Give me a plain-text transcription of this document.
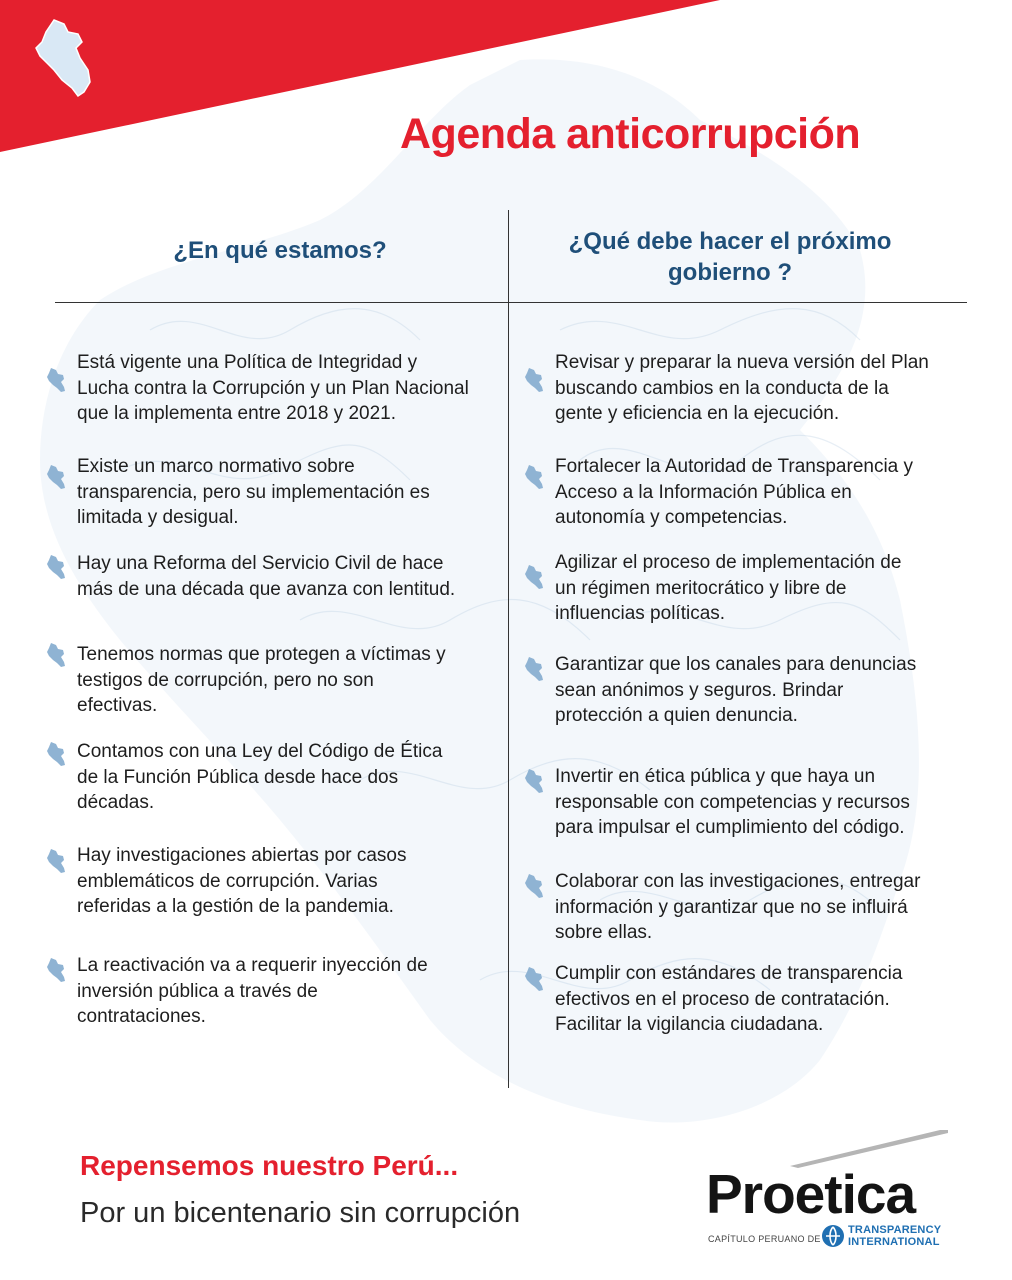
Agenda anticorrupción
¿En qué estamos?	¿Qué debe hacer el próximo
gobierno ?

Está vigente una Política de Integridad y
Lucha contra la Corrupción y un Plan Nacional
que la implementa entre 2018 y 2021.

Existe un marco normativo sobre
transparencia, pero su implementación es
limitada y desigual.

Hay una Reforma del Servicio Civil de hace
más de una década que avanza con lentitud.

Tenemos normas que protegen a víctimas y
testigos de corrupción, pero no son
efectivas.

Contamos con una Ley del Código de Ética
de la Función Pública desde hace dos
décadas.

Hay investigaciones abiertas por casos
emblemáticos de corrupción. Varias
referidas a la gestión de la pandemia.

La reactivación va a requerir inyección de
inversión pública a través de
contrataciones.

Revisar y preparar la nueva versión del Plan
buscando cambios en la conducta de la
gente y eficiencia en la ejecución.

Fortalecer la Autoridad de Transparencia y
Acceso a la Información Pública en
autonomía y competencias.

Agilizar el proceso de implementación de
un régimen meritocrático y libre de
influencias políticas.

Garantizar que los canales para denuncias
sean anónimos y seguros. Brindar
protección a quien denuncia.

Invertir en ética pública y que haya un
responsable con competencias y recursos
para impulsar el cumplimiento del código.

Colaborar con las investigaciones, entregar
información y garantizar que no se influirá
sobre ellas.

Cumplir con estándares de transparencia
efectivos en el proceso de contratación.
Facilitar la vigilancia ciudadana.

Repensemos nuestro Perú...

Por un bicentenario sin corrupción	Proetica

CAPÍTULO PERUANO DE

TRANSPARENCY
INTERNATIONAL
